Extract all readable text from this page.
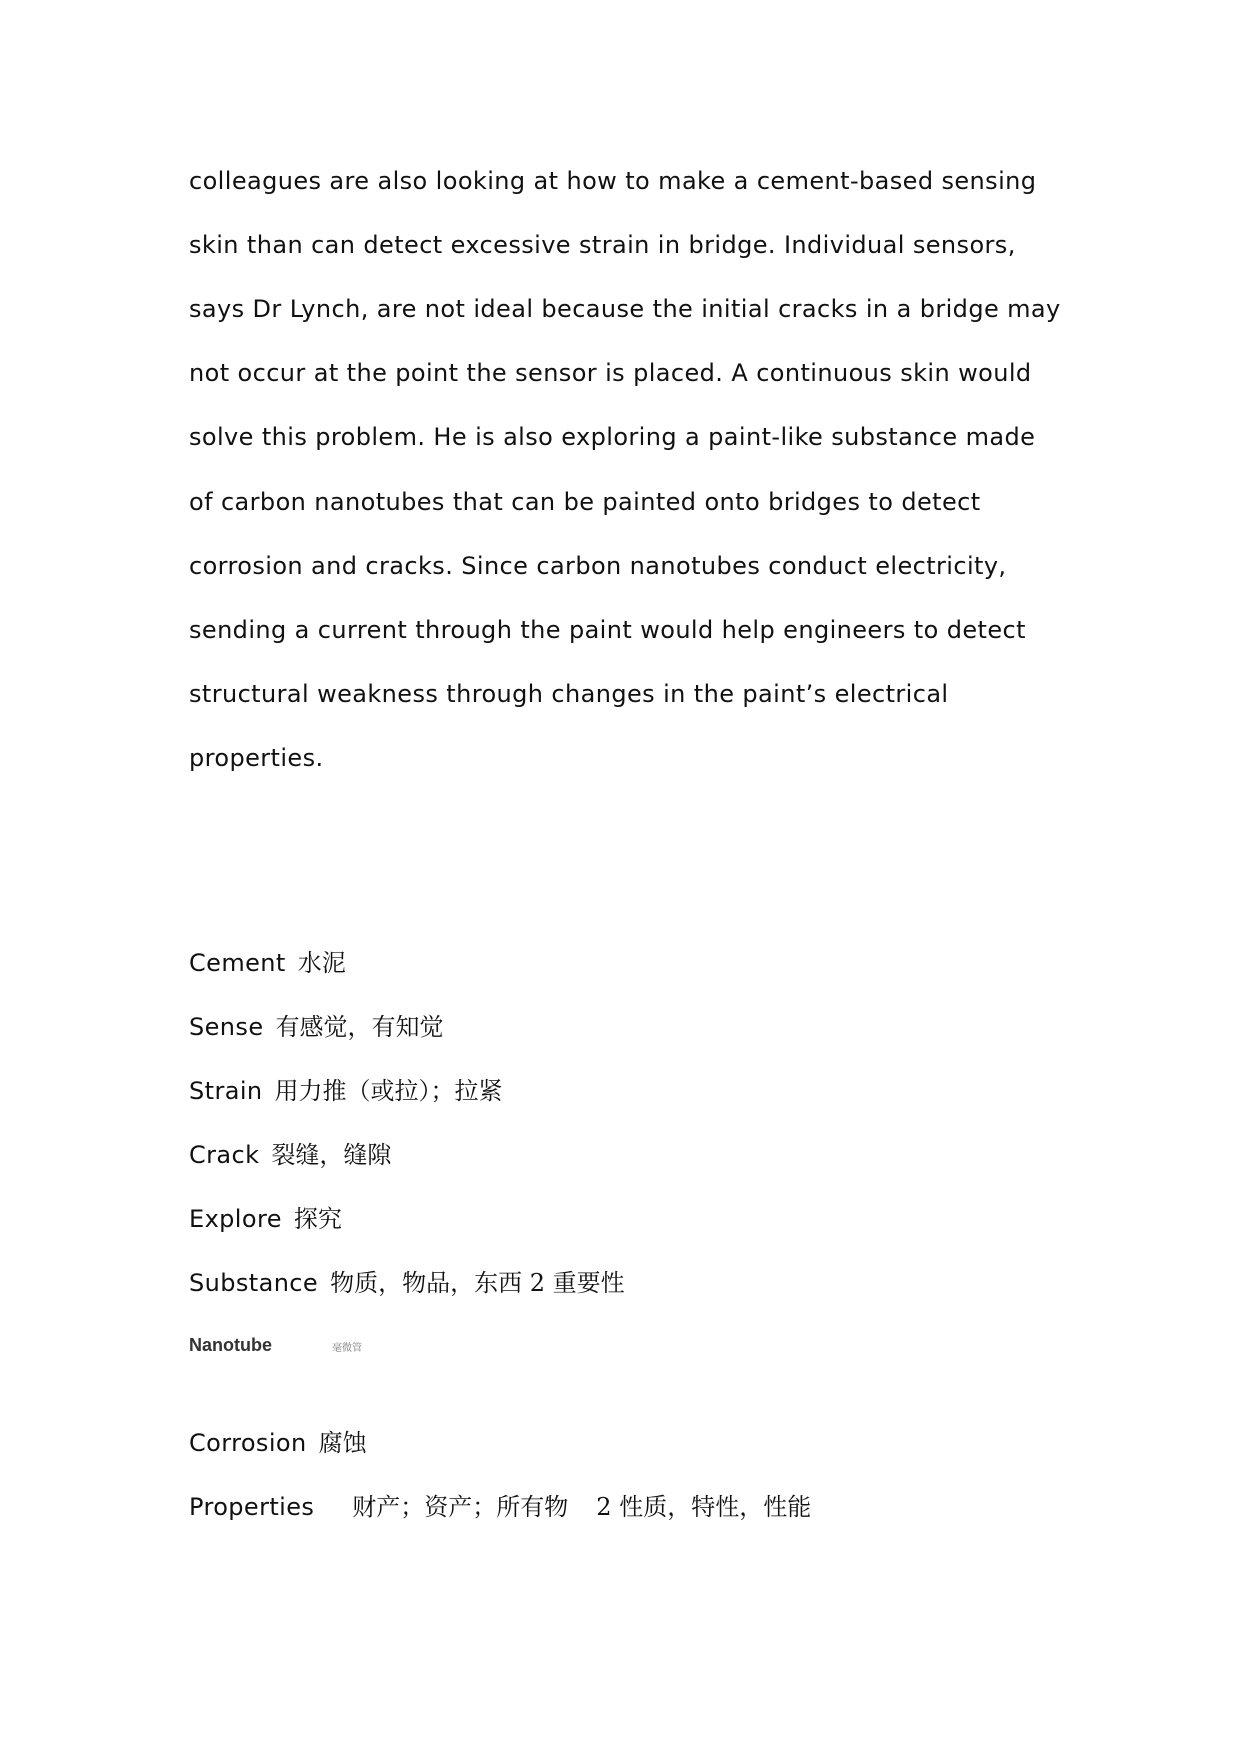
colleagues are also looking at how to make a cement-based sensing
skin than can detect excessive strain in bridge. Individual sensors,
says Dr Lynch, are not ideal because the initial cracks in a bridge may
not occur at the point the sensor is placed. A continuous skin would
solve this problem. He is also exploring a paint-like substance made
of carbon nanotubes that can be painted onto bridges to detect
corrosion and cracks. Since carbon nanotubes conduct electricity,
sending a current through the paint would help engineers to detect
structural weakness through changes in the paint’s electrical
properties.
Cement 水泥
Sense 有感觉，有知觉
Strain 用力推（或拉）；拉紧
Crack 裂缝，缝隙
Explore 探究
Substance 物质，物品，东西 2 重要性
Nanotube	毫微管
Corrosion 腐蚀
Properties 财产；资产；所有物 2 性质，特性，性能
